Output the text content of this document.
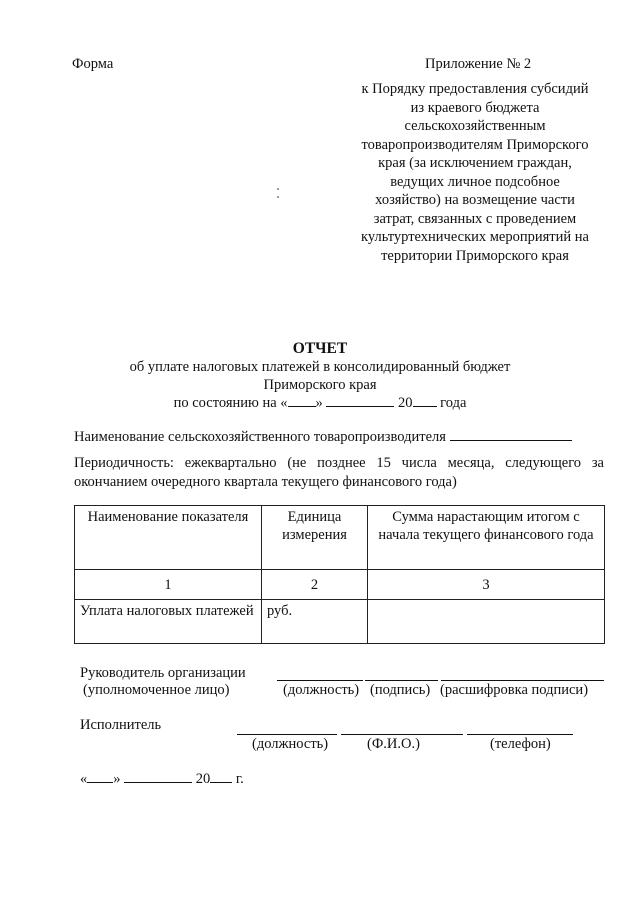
Форма	Приложение № 2
к Порядку предоставления субсидий
из краевого бюджета
сельскохозяйственным
товаропроизводителям Приморского
края (за исключением граждан,
ведущих личное подсобное
хозяйство) на возмещение части
затрат, связанных с проведением
культуртехнических мероприятий на
территории Приморского края
ОТЧЕТ
об уплате налоговых платежей в консолидированный бюджет
Приморского края
по состоянию на « »	20 года
Наименование сельскохозяйственного товаропроизводителя
Периодичность: ежеквартально (не позднее 15 числа месяца, следующего за окончанием очередного квартала текущего финансового года)
Наименование показателя	Единица измерения	Сумма нарастающим итогом с начала текущего финансового года
1	2	3
Уплата налоговых платежей	руб.	
Руководитель организации
(уполномоченное лицо)	(должность) (подпись) (расшифровка подписи)
Исполнитель
(должность)	(Ф.И.О.)	(телефон)
« »	20 г.
